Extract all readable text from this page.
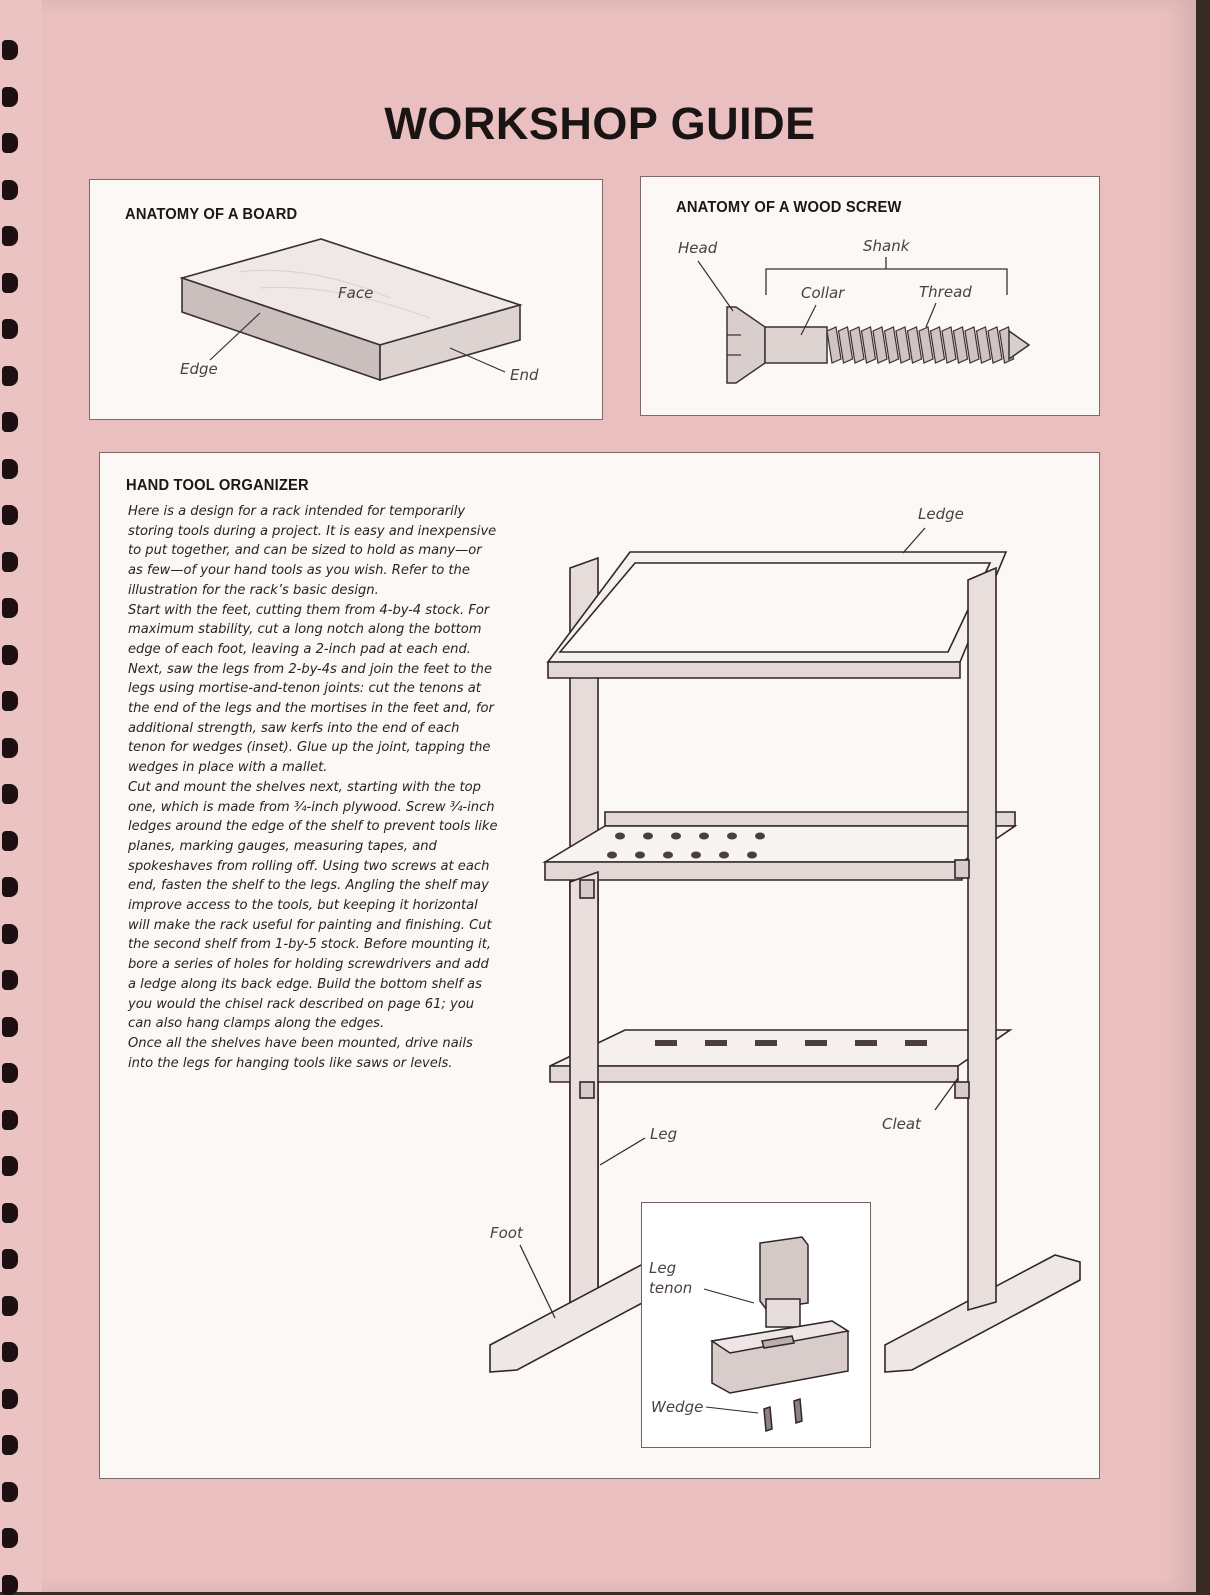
WORKSHOP GUIDE
ANATOMY OF A BOARD
Face
Edge	End
ANATOMY OF A WOOD SCREW
Head	Shank
Collar	Thread
HAND TOOL ORGANIZER

Here is a design for a rack intended for temporarily storing tools during a project. It is easy and inexpensive to put together, and can be sized to hold as many—or as few—of your hand tools as you wish. Refer to the illustration for the rack’s basic design.

Start with the feet, cutting them from 4-by-4 stock. For maximum stability, cut a long notch along the bottom edge of each foot, leaving a 2-inch pad at each end. Next, saw the legs from 2-by-4s and join the feet to the legs using mortise-and-tenon joints: cut the tenons at the end of the legs and the mortises in the feet and, for additional strength, saw kerfs into the end of each tenon for wedges (inset). Glue up the joint, tapping the wedges in place with a mallet.

Cut and mount the shelves next, starting with the top one, which is made from ¾-inch plywood. Screw ¾-inch ledges around the edge of the shelf to prevent tools like planes, marking gauges, measuring tapes, and spokeshaves from rolling off. Using two screws at each end, fasten the shelf to the legs. Angling the shelf may improve access to the tools, but keeping it horizontal will make the rack useful for painting and finishing. Cut the second shelf from 1-by-5 stock. Before mounting it, bore a series of holes for holding screwdrivers and add a ledge along its back edge. Build the bottom shelf as you would the chisel rack described on page 61; you can also hang clamps along the edges.

Once all the shelves have been mounted, drive nails into the legs for hanging tools like saws or levels.

Ledge
Cleat
Leg
Foot
Leg
tenon
Wedge
